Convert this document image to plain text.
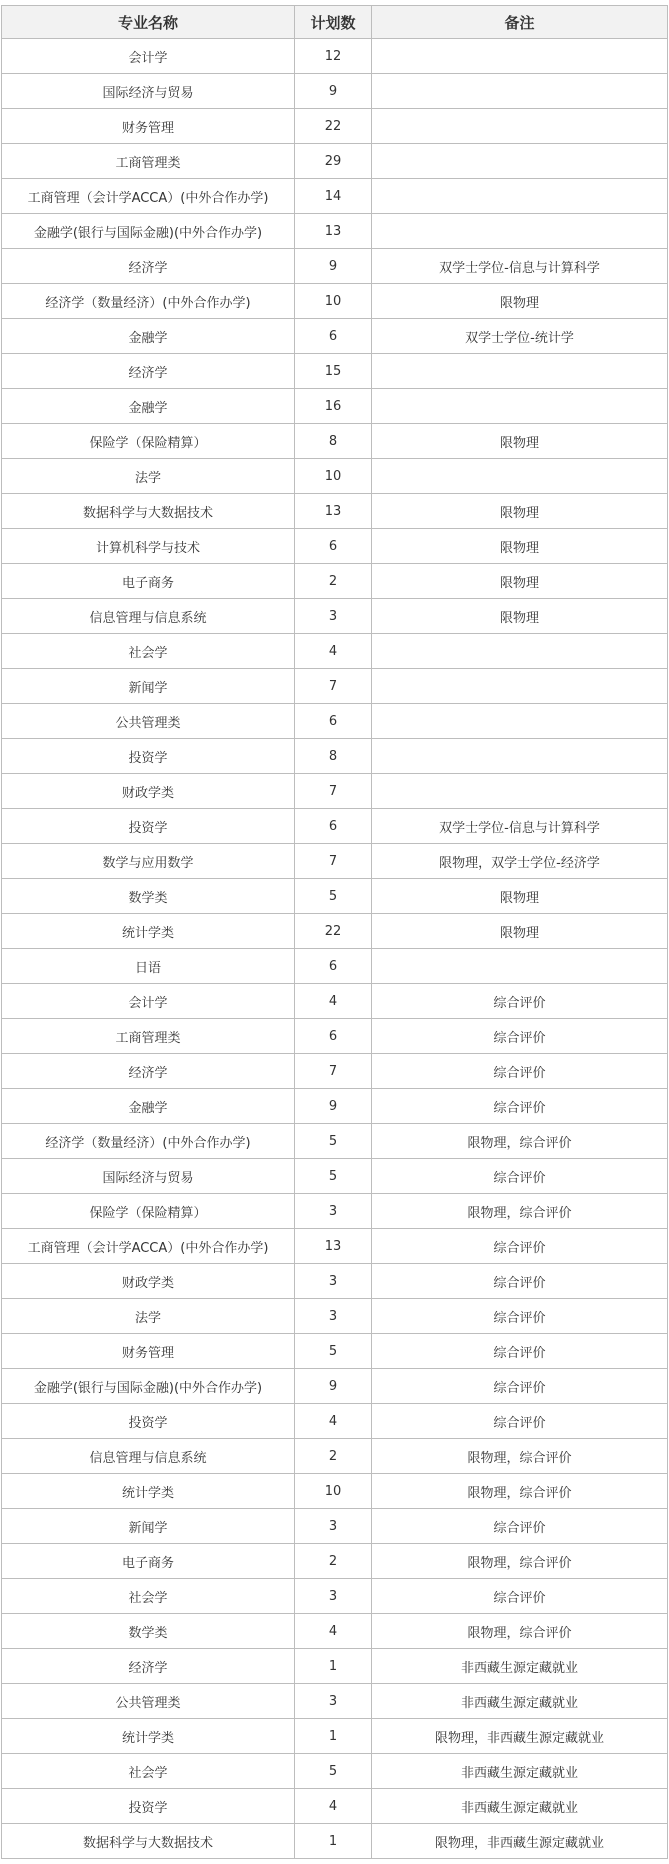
专业名称	计划数	备注
会计学	12	
国际经济与贸易	9	
财务管理	22	
工商管理类	29	
工商管理（会计学ACCA）(中外合作办学)	14	
金融学(银行与国际金融)(中外合作办学)	13	
经济学	9	双学士学位-信息与计算科学
经济学（数量经济）(中外合作办学)	10	限物理
金融学	6	双学士学位-统计学
经济学	15	
金融学	16	
保险学（保险精算）	8	限物理
法学	10	
数据科学与大数据技术	13	限物理
计算机科学与技术	6	限物理
电子商务	2	限物理
信息管理与信息系统	3	限物理
社会学	4	
新闻学	7	
公共管理类	6	
投资学	8	
财政学类	7	
投资学	6	双学士学位-信息与计算科学
数学与应用数学	7	限物理，双学士学位-经济学
数学类	5	限物理
统计学类	22	限物理
日语	6	
会计学	4	综合评价
工商管理类	6	综合评价
经济学	7	综合评价
金融学	9	综合评价
经济学（数量经济）(中外合作办学)	5	限物理，综合评价
国际经济与贸易	5	综合评价
保险学（保险精算）	3	限物理，综合评价
工商管理（会计学ACCA）(中外合作办学)	13	综合评价
财政学类	3	综合评价
法学	3	综合评价
财务管理	5	综合评价
金融学(银行与国际金融)(中外合作办学)	9	综合评价
投资学	4	综合评价
信息管理与信息系统	2	限物理，综合评价
统计学类	10	限物理，综合评价
新闻学	3	综合评价
电子商务	2	限物理，综合评价
社会学	3	综合评价
数学类	4	限物理，综合评价
经济学	1	非西藏生源定藏就业
公共管理类	3	非西藏生源定藏就业
统计学类	1	限物理，非西藏生源定藏就业
社会学	5	非西藏生源定藏就业
投资学	4	非西藏生源定藏就业
数据科学与大数据技术	1	限物理，非西藏生源定藏就业
